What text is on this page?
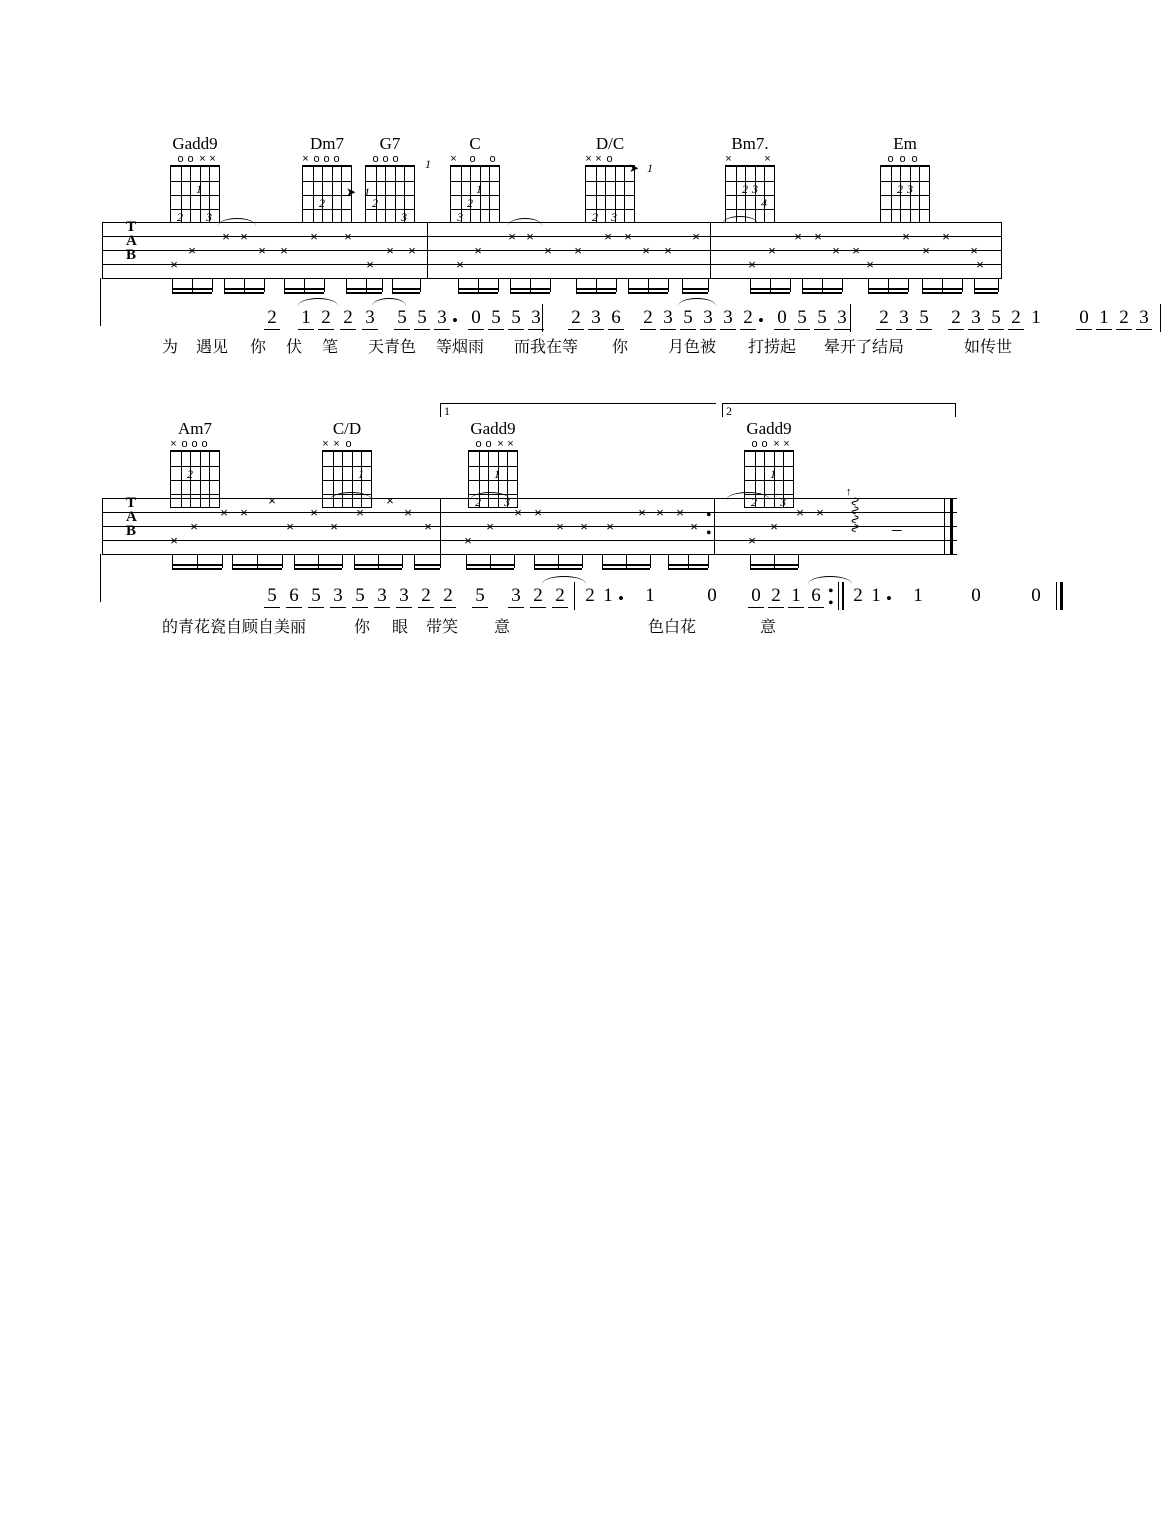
Gadd9
o o × ×
1
2 3
Dm7
× o o o
2
➤ 1
G7
o o o
2
3
1
C
× o o
1
2
3
D/C
× × o
2 3
➤ 1
Bm7.
×	×
2 3
4
Em
o o o
2 3
T
A
B
×
×
× ×
× ×
× ×
×
× ×
×
×
× ×
× ×
× ×
× ×
×
×
×
× ×
× ×
×
×
×
×
×
×
2 1 2 2 3 5 5 3 • 0 5 5 3 2 3 6 2 3 5 3 3 2 • 0 5 5 3 2 3 5 2 3 5 2 1 0 1 2 3
为 遇见 你 伏 笔 天青色 等烟雨 而我在等 你 月色被 打捞起 晕开了结局	如传世
1	2
Am7
× o o o
2
C/D
× × o
1
Gadd9
o o × ×
1
2 3
Gadd9
o o × ×
1
2 3
T
A
B
•
•
×
×
× ×
×
×
×
×
×
×
×
×
×
×
× ×
× × ×
× × ×
×
×
×
× × ∿∿∿∿
↑
–
5 6 5 3 5 3 3 2 2 5 3 2 2 2 1 • 1	0 0 2 1 6 •
• 2 1 • 1	0	0
的青花瓷自顾自美丽	你 眼 带笑 意	色白花	意
